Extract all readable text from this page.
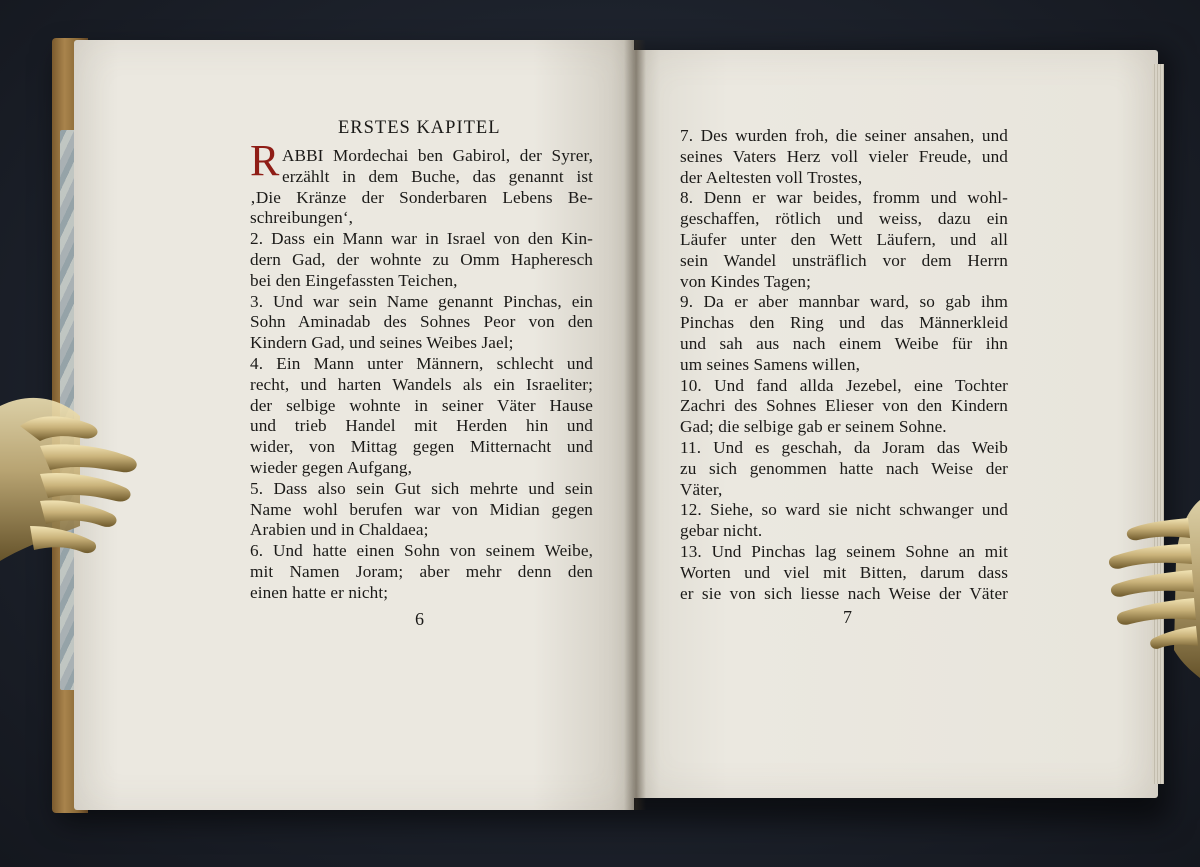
ERSTES KAPITEL
R ABBI Mordechai ben Gabirol, der Syrer,
erzählt in dem Buche, das genannt ist
‚Die Kränze der Sonderbaren Lebens Be-
schreibungen‘,
2. Dass ein Mann war in Israel von den Kin-
dern Gad, der wohnte zu Omm Hapheresch
bei den Eingefassten Teichen,
3. Und war sein Name genannt Pinchas, ein
Sohn Aminadab des Sohnes Peor von den
Kindern Gad, und seines Weibes Jael;
4. Ein Mann unter Männern, schlecht und
recht, und harten Wandels als ein Israeliter;
der selbige wohnte in seiner Väter Hause
und trieb Handel mit Herden hin und
wider, von Mittag gegen Mitternacht und
wieder gegen Aufgang,
5. Dass also sein Gut sich mehrte und sein
Name wohl berufen war von Midian gegen
Arabien und in Chaldaea;
6. Und hatte einen Sohn von seinem Weibe,
mit Namen Joram; aber mehr denn den
einen hatte er nicht;
6
7. Des wurden froh, die seiner ansahen, und
seines Vaters Herz voll vieler Freude, und
der Aeltesten voll Trostes,
8. Denn er war beides, fromm und wohl-
geschaffen, rötlich und weiss, dazu ein
Läufer unter den Wett Läufern, und all
sein Wandel unsträflich vor dem Herrn
von Kindes Tagen;
9. Da er aber mannbar ward, so gab ihm
Pinchas den Ring und das Männerkleid
und sah aus nach einem Weibe für ihn
um seines Samens willen,
10. Und fand allda Jezebel, eine Tochter
Zachri des Sohnes Elieser von den Kindern
Gad; die selbige gab er seinem Sohne.
11. Und es geschah, da Joram das Weib
zu sich genommen hatte nach Weise der
Väter,
12. Siehe, so ward sie nicht schwanger und
gebar nicht.
13. Und Pinchas lag seinem Sohne an mit
Worten und viel mit Bitten, darum dass
er sie von sich liesse nach Weise der Väter
7
